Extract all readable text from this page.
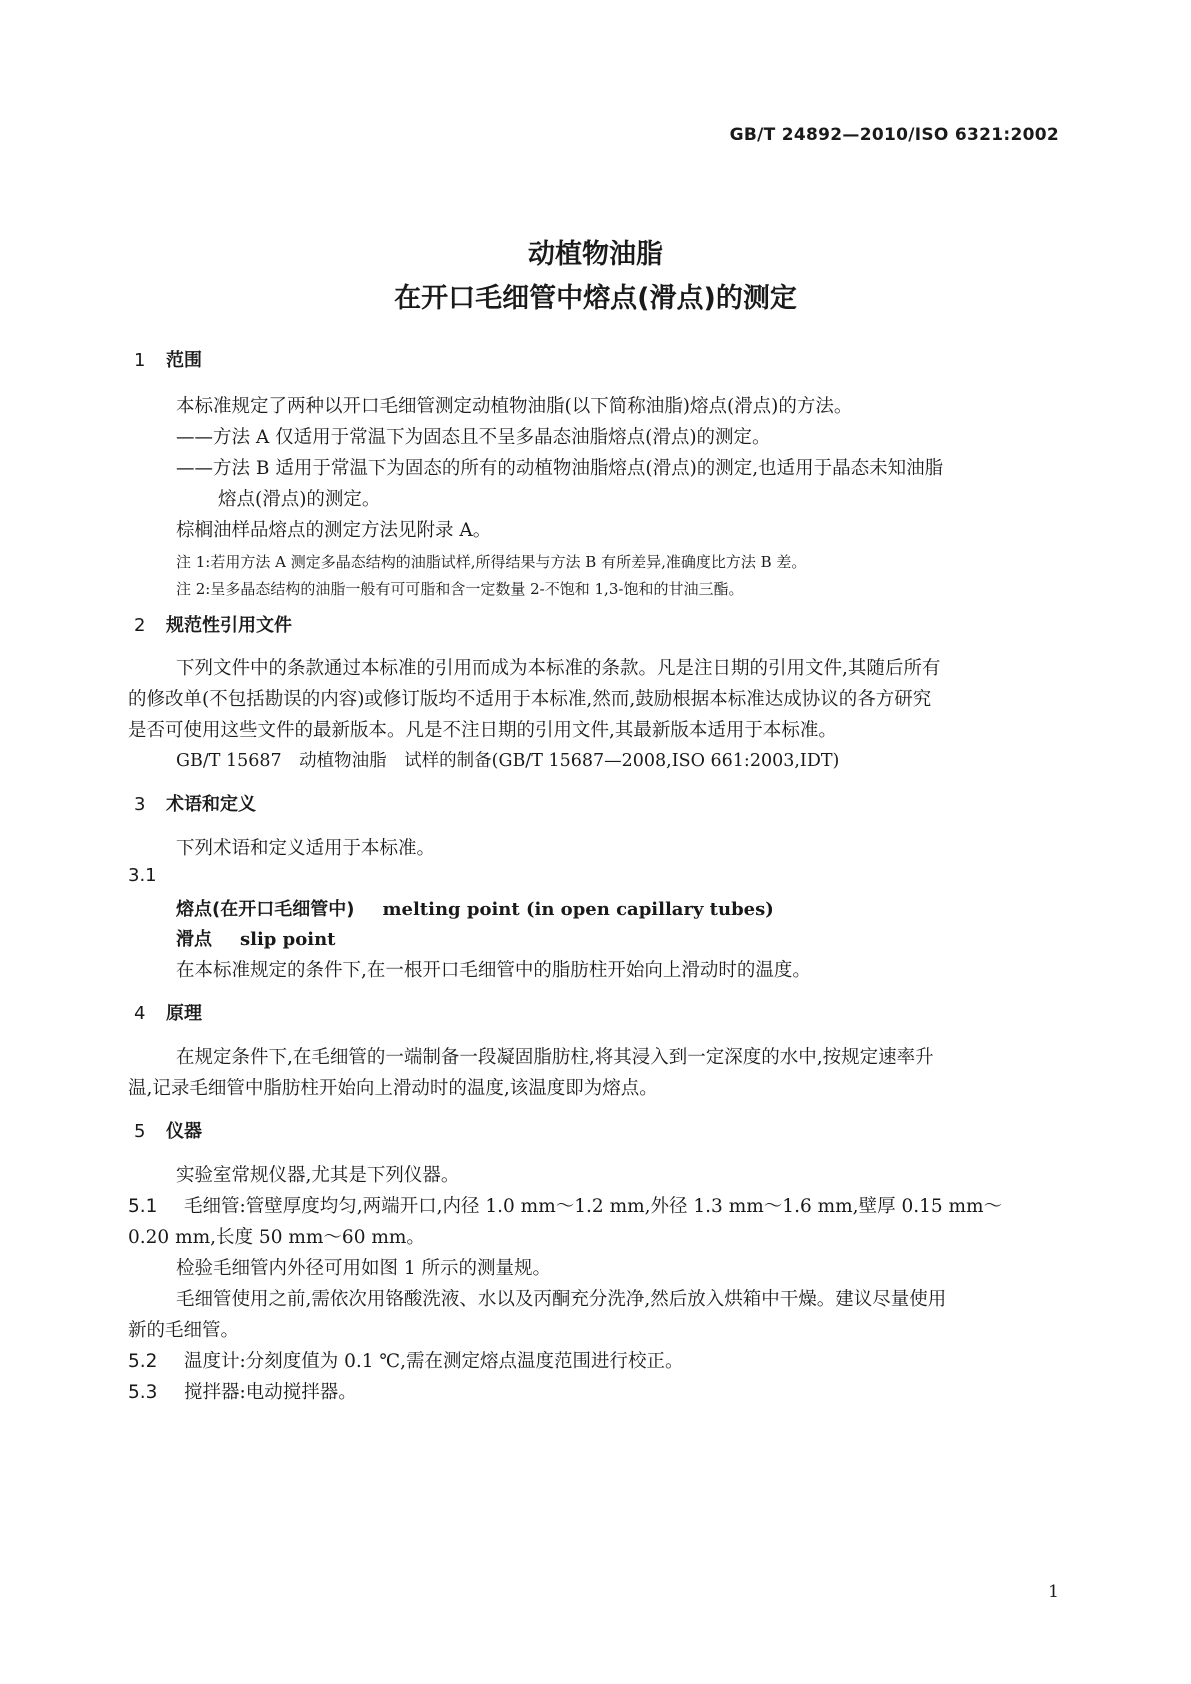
GB/T 24892—2010/ISO 6321:2002
动植物油脂
在开口毛细管中熔点(滑点)的测定
1 范围
本标准规定了两种以开口毛细管测定动植物油脂(以下简称油脂)熔点(滑点)的方法。
——方法 A 仅适用于常温下为固态且不呈多晶态油脂熔点(滑点)的测定。
——方法 B 适用于常温下为固态的所有的动植物油脂熔点(滑点)的测定,也适用于晶态未知油脂
熔点(滑点)的测定。
棕榈油样品熔点的测定方法见附录 A。
注 1:若用方法 A 测定多晶态结构的油脂试样,所得结果与方法 B 有所差异,准确度比方法 B 差。
注 2:呈多晶态结构的油脂一般有可可脂和含一定数量 2-不饱和 1,3-饱和的甘油三酯。
2 规范性引用文件
下列文件中的条款通过本标准的引用而成为本标准的条款。凡是注日期的引用文件,其随后所有
的修改单(不包括勘误的内容)或修订版均不适用于本标准,然而,鼓励根据本标准达成协议的各方研究
是否可使用这些文件的最新版本。凡是不注日期的引用文件,其最新版本适用于本标准。
GB/T 15687　动植物油脂　试样的制备(GB/T 15687—2008,ISO 661:2003,IDT)
3 术语和定义
下列术语和定义适用于本标准。
3.1
熔点(在开口毛细管中) melting point (in open capillary tubes)
滑点 slip point
在本标准规定的条件下,在一根开口毛细管中的脂肪柱开始向上滑动时的温度。
4 原理
在规定条件下,在毛细管的一端制备一段凝固脂肪柱,将其浸入到一定深度的水中,按规定速率升
温,记录毛细管中脂肪柱开始向上滑动时的温度,该温度即为熔点。
5 仪器
实验室常规仪器,尤其是下列仪器。
5.1 毛细管:管壁厚度均匀,两端开口,内径 1.0 mm～1.2 mm,外径 1.3 mm～1.6 mm,壁厚 0.15 mm～
0.20 mm,长度 50 mm～60 mm。
检验毛细管内外径可用如图 1 所示的测量规。
毛细管使用之前,需依次用铬酸洗液、水以及丙酮充分洗净,然后放入烘箱中干燥。建议尽量使用
新的毛细管。
5.2 温度计:分刻度值为 0.1 ℃,需在测定熔点温度范围进行校正。
5.3 搅拌器:电动搅拌器。
1
